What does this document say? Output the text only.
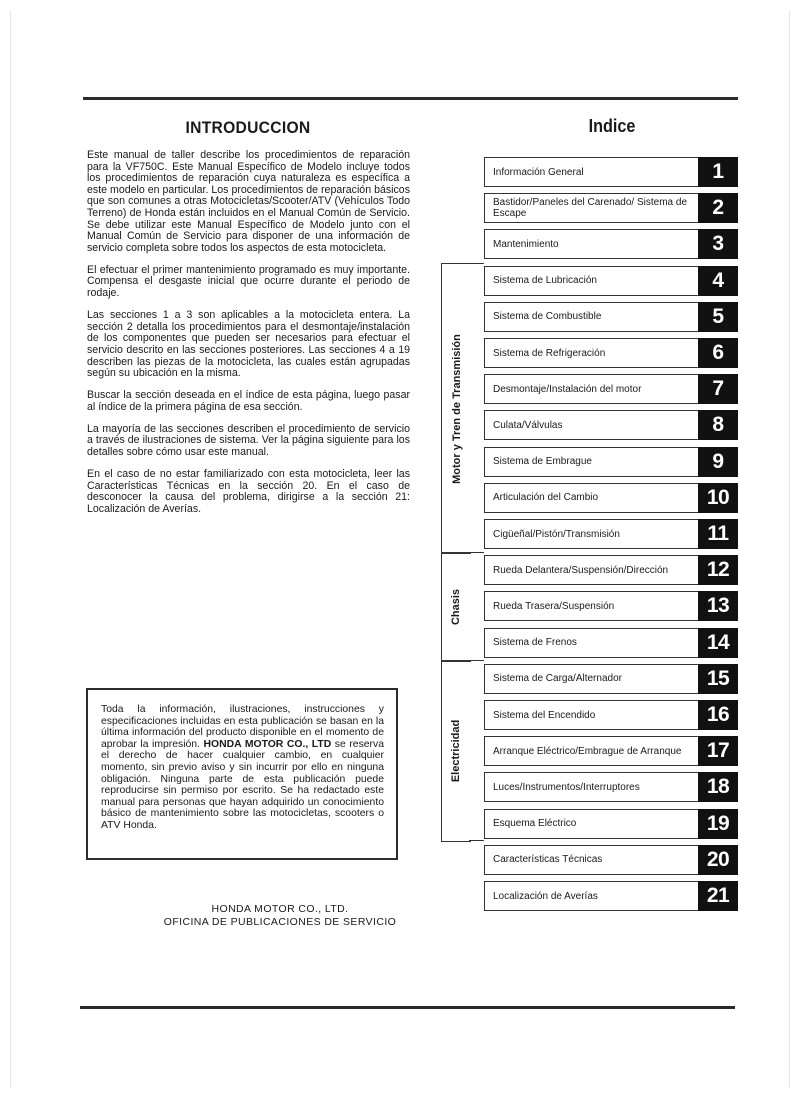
INTRODUCCION

Este manual de taller describe los procedimientos de reparación para la VF750C. Este Manual Específico de Modelo incluye todos los procedimientos de reparación cuya naturaleza es específica a este modelo en particular. Los procedimientos de reparación básicos que son comunes a otras Motocicletas/Scooter/ATV (Vehículos Todo Terreno) de Honda están incluidos en el Manual Común de Servicio. Se debe utilizar este Manual Específico de Modelo junto con el Manual Común de Servicio para disponer de una información de servicio completa sobre todos los aspectos de esta motocicleta.

El efectuar el primer mantenimiento programado es muy importante. Compensa el desgaste inicial que ocurre durante el periodo de rodaje.

Las secciones 1 a 3 son aplicables a la motocicleta entera. La sección 2 detalla los procedimientos para el desmontaje/instalación de los componentes que pueden ser necesarios para efectuar el servicio descrito en las secciones posteriores. Las secciones 4 a 19 describen las piezas de la motocicleta, las cuales están agrupadas según su ubicación en la misma.

Buscar la sección deseada en el índice de esta página, luego pasar al índice de la primera página de esa sección.

La mayoría de las secciones describen el procedimiento de servicio a través de ilustraciones de sistema. Ver la página siguiente para los detalles sobre cómo usar este manual.

En el caso de no estar familiarizado con esta motocicleta, leer las Características Técnicas en la sección 20. En el caso de desconocer la causa del problema, dirigirse a la sección 21: Localización de Averías.

Toda la información, ilustraciones, instrucciones y especificaciones incluidas en esta publicación se basan en la última información del producto disponible en el momento de aprobar la impresión. HONDA MOTOR CO., LTD se reserva el derecho de hacer cualquier cambio, en cualquier momento, sin previo aviso y sin incurrir por ello en ninguna obligación. Ninguna parte de esta publicación puede reproducirse sin permiso por escrito. Se ha redactado este manual para personas que hayan adquirido un conocimiento básico de mantenimiento sobre las motocicletas, scooters o ATV Honda.
HONDA MOTOR CO., LTD.
OFICINA DE PUBLICACIONES DE SERVICIO
Indice
Motor y Tren de Transmisión
Chasis
Electricidad
Información General	1
Bastidor/Paneles del Carenado/ Sistema de Escape	2
Mantenimiento	3
Sistema de Lubricación	4
Sistema de Combustible	5
Sistema de Refrigeración	6
Desmontaje/Instalación del motor	7
Culata/Válvulas	8
Sistema de Embrague	9
Articulación del Cambio	10
Cigüeñal/Pistón/Transmisión	11
Rueda Delantera/Suspensión/Dirección	12
Rueda Trasera/Suspensión	13
Sistema de Frenos	14
Sistema de Carga/Alternador	15
Sistema del Encendido	16
Arranque Eléctrico/Embrague de Arranque	17
Luces/Instrumentos/Interruptores	18
Esquema Eléctrico	19
Características Técnicas	20
Localización de Averías	21
